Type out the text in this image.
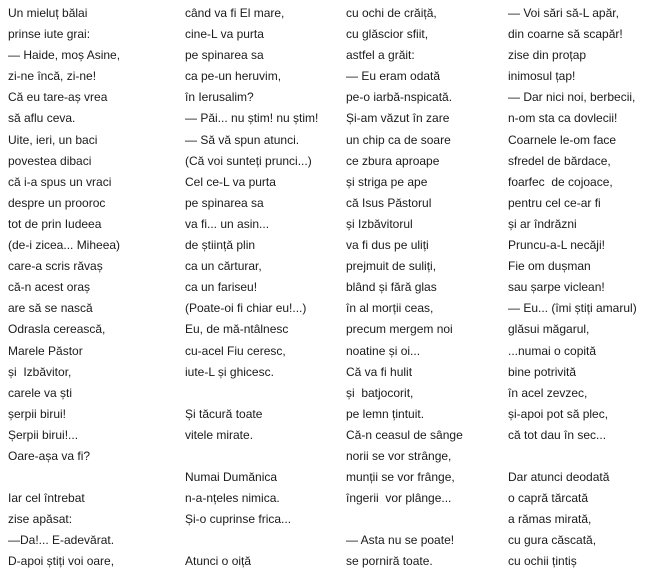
Un mieluț bălai
prinse iute grai:
— Haide, moș Asine,
zi-ne încă, zi-ne!
Că eu tare-aș vrea
să aflu ceva.
Uite, ieri, un baci
povestea dibaci
că i-a spus un vraci
despre un prooroc
tot de prin Iudeea
(de-i zicea... Miheea)
care-a scris răvaș
că-n acest oraș
are să se nască
Odrasla cerească,
Marele Păstor
și  Izbăvitor,
carele va ști
șerpii birui!
Șerpii birui!...
Oare-așa va fi?
Iar cel întrebat
zise apăsat:
—Da!... E-adevărat.
D-apoi știți voi oare,
când va fi El mare,
cine-L va purta
pe spinarea sa
ca pe-un heruvim,
în Ierusalim?
— Păi... nu știm! nu știm!
— Să vă spun atunci.
(Că voi sunteți prunci...)
Cel ce-L va purta
pe spinarea sa
va fi... un asin...
de științǎ plin
ca un cărturar,
ca un fariseu!
(Poate-oi fi chiar eu!...)
Eu, de mă-ntâlnesc
cu-acel Fiu ceresc,
iute-L și ghicesc.
Și tăcură toate
vitele mirate.
Numai Dumănica
n-a-nțeles nimica.
Și-o cuprinse frica...
Atunci o oiță
cu ochi de crăiță,
cu glăscior sfiit,
astfel a grăit:
— Eu eram odată
pe-o iarbă-nspicată.
Și-am văzut în zare
un chip ca de soare
ce zbura aproape
și striga pe ape
că Isus Păstorul
și Izbăvitorul
va fi dus pe uliți
prejmuit de suliți,
blând și fără glas
în al morții ceas,
precum mergem noi
noatine și oi...
Că va fi hulit
și  batjocorit,
pe lemn țintuit.
Că-n ceasul de sânge
norii se vor strânge,
munții se vor frânge,
îngerii  vor plânge...
— Asta nu se poate!
se porniră toate.
— Voi sări să-L apăr,
din coarne să scapăr!
zise din proțap
inimosul țap!
— Dar nici noi, berbecii,
n-om sta ca dovlecii!
Coarnele le-om face
sfredel de bărdace,
foarfec  de cojoace,
pentru cel ce-ar fi
și ar îndrăzni
Pruncu-a-L necăji!
Fie om dușman
sau șarpe viclean!
— Eu... (îmi știți amarul)
glăsui măgarul,
...numai o copită
bine potrivită
în acel zevzec,
și-apoi pot să plec,
că tot dau în sec...
Dar atunci deodată
o capră tărcată
a rămas mirată,
cu gura căscată,
cu ochii țintiș
